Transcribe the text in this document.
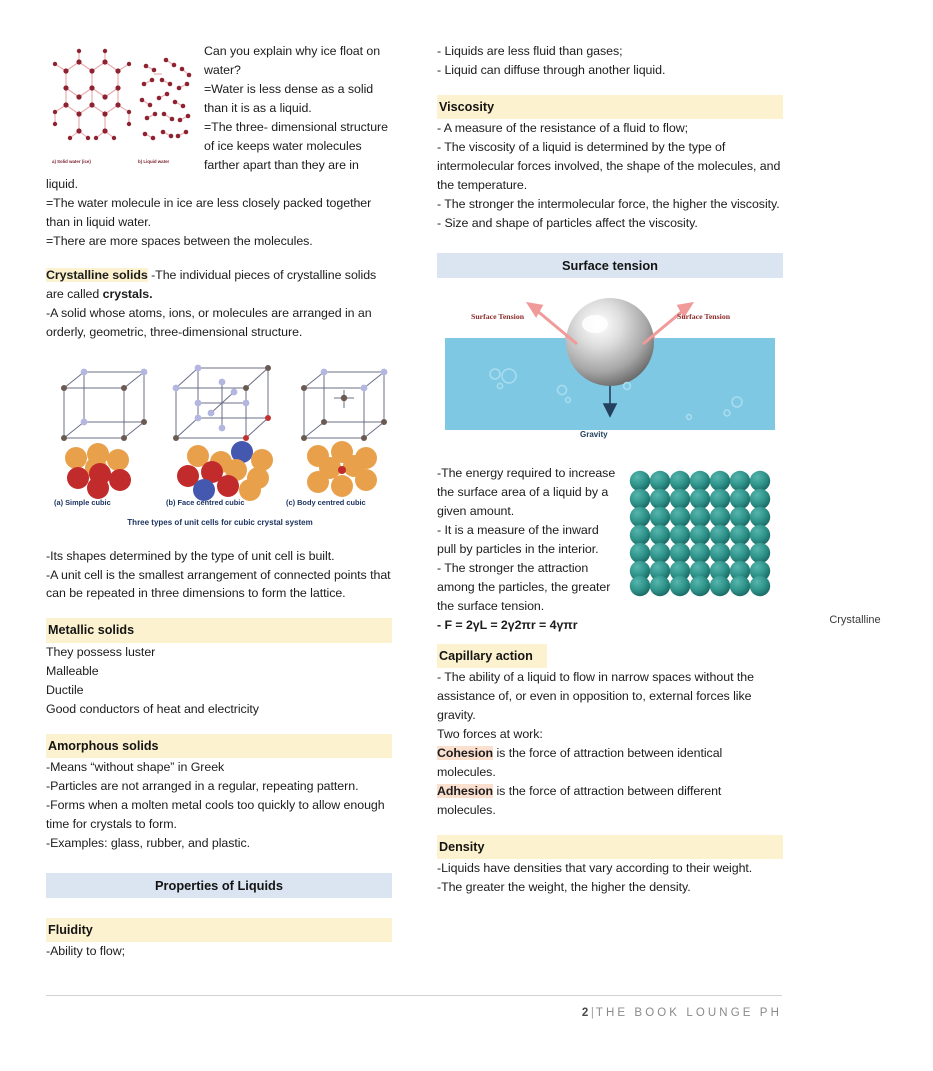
a) Solid water (ice)	b) Liquid water
Can you explain why ice float on water?
=Water is less dense as a solid than it is as a liquid.
=The three- dimensional structure of ice keeps water molecules farther apart than they are in liquid.
=The water molecule in ice are less closely packed together than in liquid water.
=There are more spaces between the molecules.
Crystalline solids -The individual pieces of crystalline solids are called crystals.
-A solid whose atoms, ions, or molecules are arranged in an orderly, geometric, three-dimensional structure.
(a) Simple cubic	(b) Face centred cubic	(c) Body centred cubic
Three types of unit cells for cubic crystal system
-Its shapes determined by the type of unit cell is built.
-A unit cell is the smallest arrangement of connected points that can be repeated in three dimensions to form the lattice.
Metallic solids
They possess luster
Malleable
Ductile
Good conductors of heat and electricity
Amorphous solids
-Means “without shape” in Greek
-Particles are not arranged in a regular, repeating pattern.
-Forms when a molten metal cools too quickly to allow enough time for crystals to form.
-Examples: glass, rubber, and plastic.
Properties of Liquids
Fluidity
-Ability to flow;
- Liquids are less fluid than gases;
- Liquid can diffuse through another liquid.
Viscosity
- A measure of the resistance of a fluid to flow;
- The viscosity of a liquid is determined by the type of intermolecular forces involved, the shape of the molecules, and the temperature.
- The stronger the intermolecular force, the higher the viscosity.
- Size and shape of particles affect the viscosity.
Surface tension
Surface Tension	Surface Tension
Gravity
Crystalline
-The energy required to increase the surface area of a liquid by a given amount.
- It is a measure of the inward pull by particles in the interior.
- The stronger the attraction among the particles, the greater the surface tension.
- F = 2γL = 2γ2πr = 4γπr
Capillary action
- The ability of a liquid to flow in narrow spaces without the assistance of, or even in opposition to, external forces like gravity.
Two forces at work:
Cohesion is the force of attraction between identical molecules.
Adhesion is the force of attraction between different molecules.
Density
-Liquids have densities that vary according to their weight.
-The greater the weight, the higher the density.
2 | THE BOOK LOUNGE PH
